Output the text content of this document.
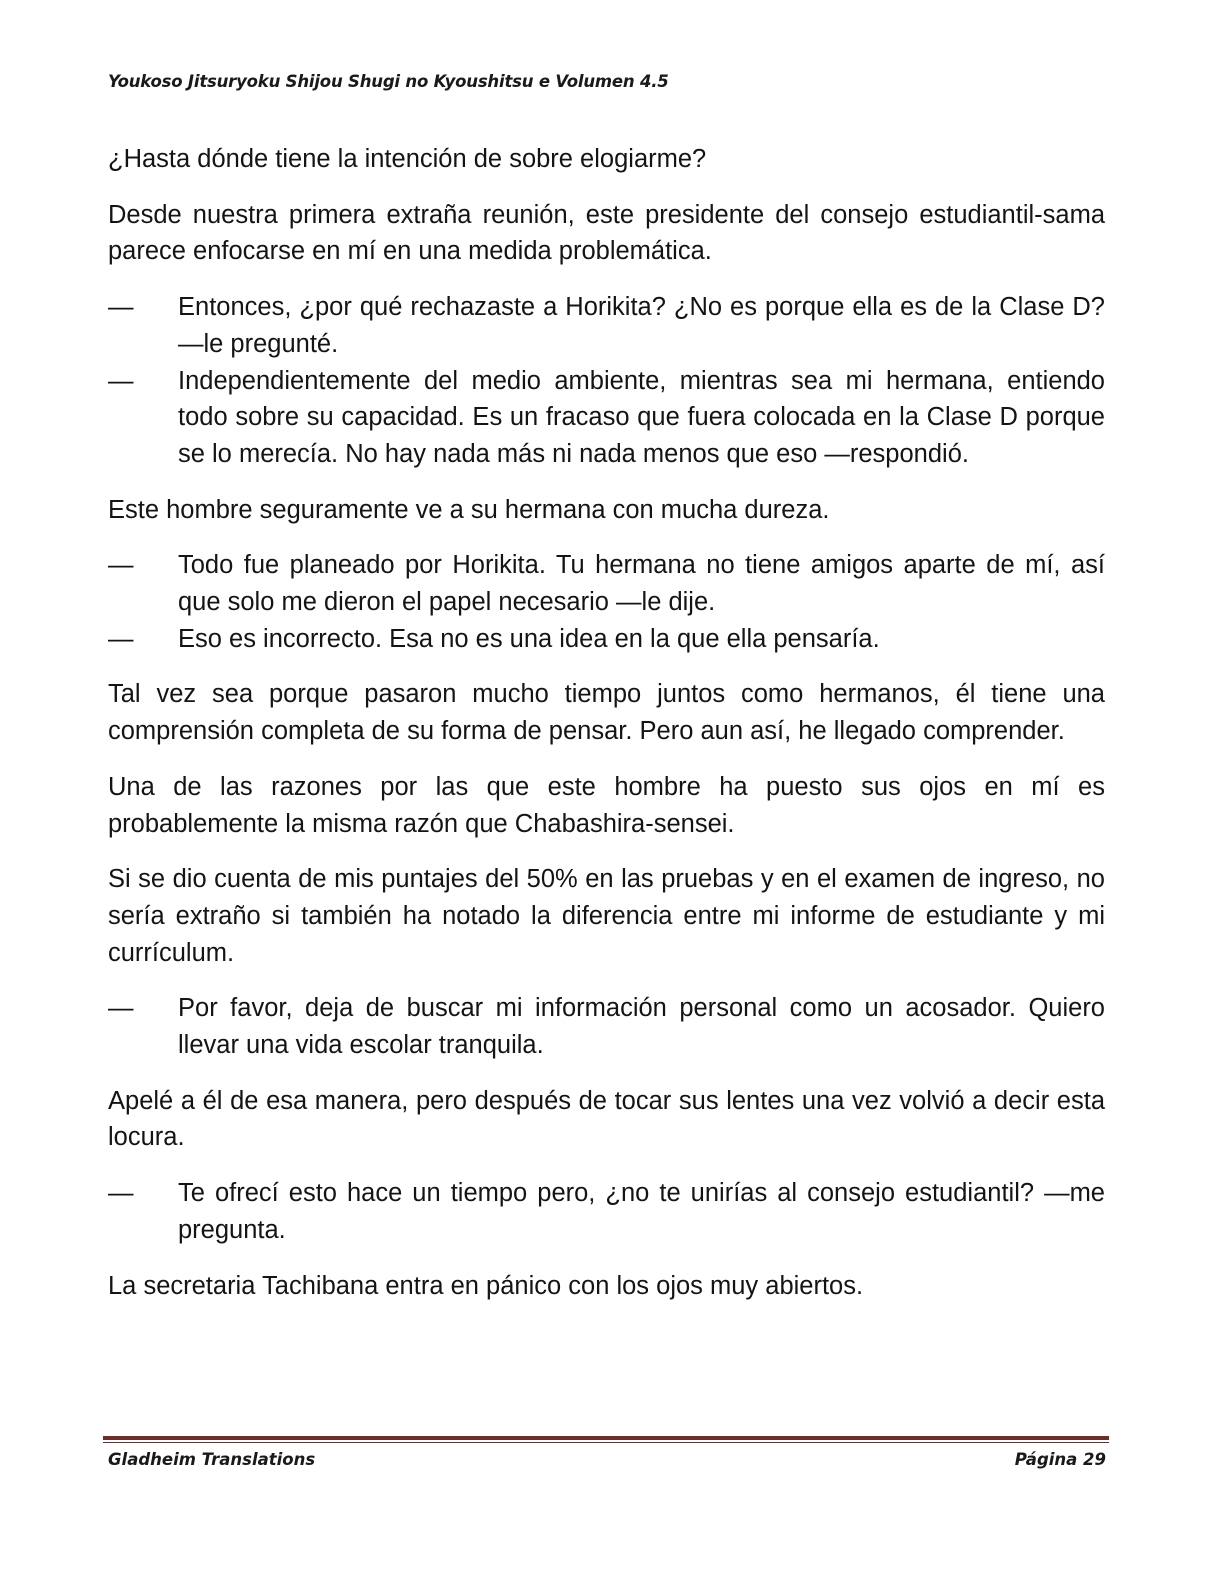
Youkoso Jitsuryoku Shijou Shugi no Kyoushitsu e Volumen 4.5

¿Hasta dónde tiene la intención de sobre elogiarme?

Desde nuestra primera extraña reunión, este presidente del consejo estudiantil-sama parece enfocarse en mí en una medida problemática.

— Entonces, ¿por qué rechazaste a Horikita? ¿No es porque ella es de la Clase D? —le pregunté.

— Independientemente del medio ambiente, mientras sea mi hermana, entiendo todo sobre su capacidad. Es un fracaso que fuera colocada en la Clase D porque se lo merecía. No hay nada más ni nada menos que eso —respondió.

Este hombre seguramente ve a su hermana con mucha dureza.

— Todo fue planeado por Horikita. Tu hermana no tiene amigos aparte de mí, así que solo me dieron el papel necesario —le dije.

— Eso es incorrecto. Esa no es una idea en la que ella pensaría.

Tal vez sea porque pasaron mucho tiempo juntos como hermanos, él tiene una comprensión completa de su forma de pensar. Pero aun así, he llegado comprender.

Una de las razones por las que este hombre ha puesto sus ojos en mí es probablemente la misma razón que Chabashira-sensei.

Si se dio cuenta de mis puntajes del 50% en las pruebas y en el examen de ingreso, no sería extraño si también ha notado la diferencia entre mi informe de estudiante y mi currículum.

— Por favor, deja de buscar mi información personal como un acosador. Quiero llevar una vida escolar tranquila.

Apelé a él de esa manera, pero después de tocar sus lentes una vez volvió a decir esta locura.

— Te ofrecí esto hace un tiempo pero, ¿no te unirías al consejo estudiantil? —me pregunta.

La secretaria Tachibana entra en pánico con los ojos muy abiertos.

Gladheim Translations	Página 29
